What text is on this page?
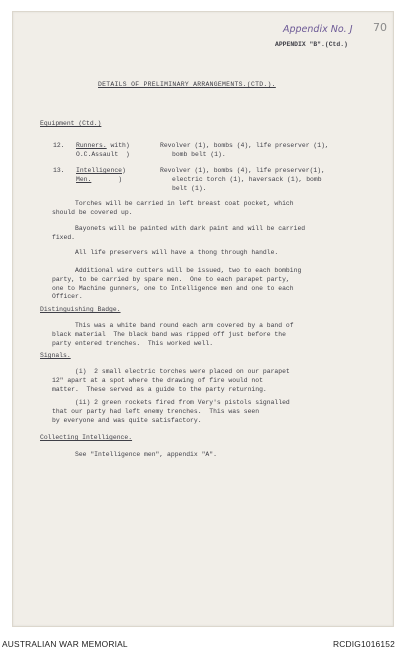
Appendix No. J 70
APPENDIX "B".(Ctd.)
DETAILS OF PRELIMINARY ARRANGEMENTS.(CTD.).
Equipment (Ctd.)
12. Runners. with)
O.C.Assault  )
Revolver (1), bombs (4), life preserver (1),
bomb belt (1).
13. Intelligence)
Men.       )
Revolver (1), bombs (4), life preserver(1),
electric torch (1), haversack (1), bomb
belt (1).
Torches will be carried in left breast coat pocket, which
should be covered up.
Bayonets will be painted with dark paint and will be carried
fixed.
All life preservers will have a thong through handle.
Additional wire cutters will be issued, two to each bombing
party, to be carried by spare men.  One to each parapet party,
one to Machine gunners, one to Intelligence men and one to each
Officer.
Distinguishing Badge.
This was a white band round each arm covered by a band of
black material  The black band was ripped off just before the
party entered trenches.  This worked well.
Signals.
(i)  2 small electric torches were placed on our parapet
12" apart at a spot where the drawing of fire would not
matter.  These served as a guide to the party returning.
(ii) 2 green rockets fired from Very's pistols signalled
that our party had left enemy trenches.  This was seen
by everyone and was quite satisfactory.
Collecting Intelligence.
See "Intelligence men", appendix "A".
AUSTRALIAN WAR MEMORIAL	RCDIG1016152
